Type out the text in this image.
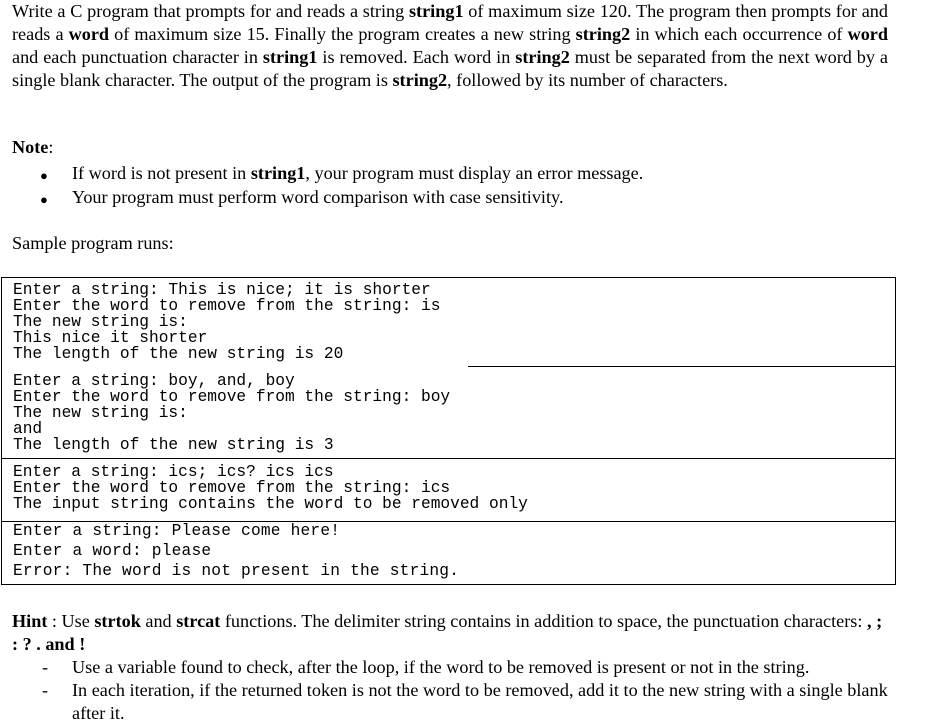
Write a C program that prompts for and reads a string string1 of maximum size 120. The program then prompts for and reads a word of maximum size 15. Finally the program creates a new string string2 in which each occurrence of word and each punctuation character in string1 is removed. Each word in string2 must be separated from the next word by a single blank character. The output of the program is string2, followed by its number of characters.
Note:
● If word is not present in string1, your program must display an error message.
● Your program must perform word comparison with case sensitivity.
Sample program runs:
Enter a string: This is nice; it is shorter
Enter the word to remove from the string: is
The new string is:
This nice it shorter
The length of the new string is 20
Enter a string: boy, and, boy
Enter the word to remove from the string: boy
The new string is:
and
The length of the new string is 3
Enter a string: ics; ics? ics ics
Enter the word to remove from the string: ics
The input string contains the word to be removed only
Enter a string: Please come here!
Enter a word: please
Error: The word is not present in the string.
Hint : Use strtok and strcat functions. The delimiter string contains in addition to space, the punctuation characters: , ; : ? . and !
- Use a variable found to check, after the loop, if the word to be removed is present or not in the string.
- In each iteration, if the returned token is not the word to be removed, add it to the new string with a single blank after it.
